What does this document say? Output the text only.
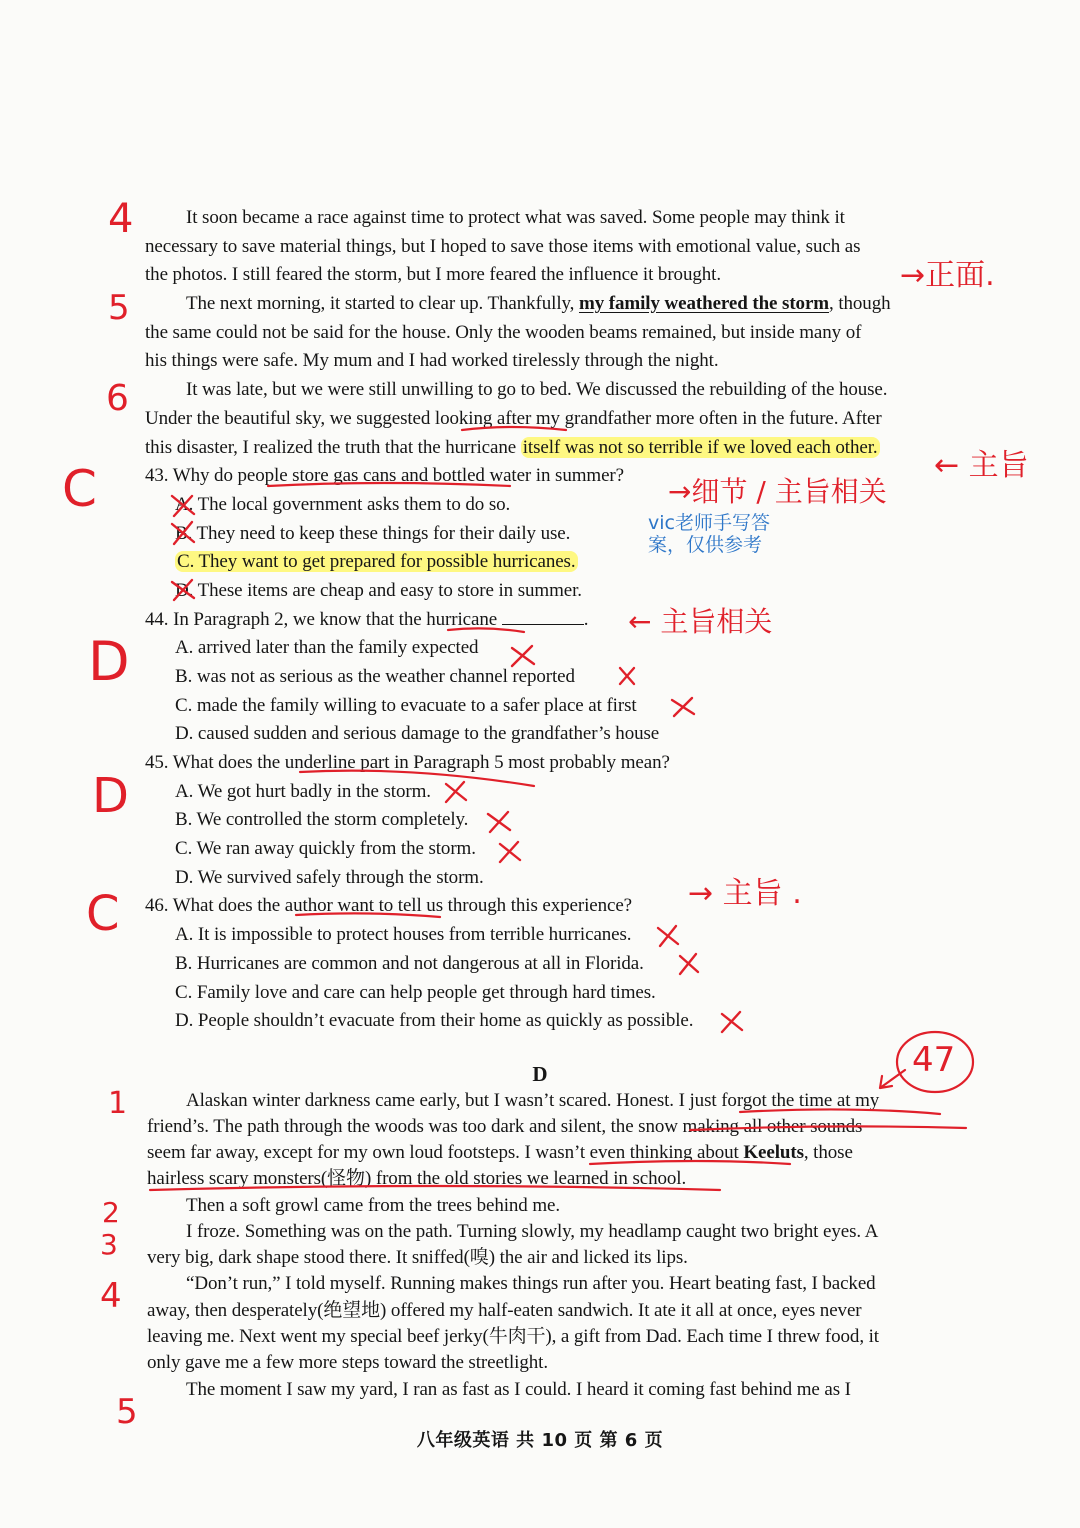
It soon became a race against time to protect what was saved. Some people may think it
necessary to save material things, but I hoped to save those items with emotional value, such as
the photos. I still feared the storm, but I more feared the influence it brought.
The next morning, it started to clear up. Thankfully, my family weathered the storm, though
the same could not be said for the house. Only the wooden beams remained, but inside many of
his things were safe. My mum and I had worked tirelessly through the night.
It was late, but we were still unwilling to go to bed. We discussed the rebuilding of the house.
Under the beautiful sky, we suggested looking after my grandfather more often in the future. After
this disaster, I realized the truth that the hurricane itself was not so terrible if we loved each other.
43. Why do people store gas cans and bottled water in summer?
A. The local government asks them to do so.
B. They need to keep these things for their daily use.
C. They want to get prepared for possible hurricanes.
D. These items are cheap and easy to store in summer.
44. In Paragraph 2, we know that the hurricane	.
A. arrived later than the family expected
B. was not as serious as the weather channel reported
C. made the family willing to evacuate to a safer place at first
D. caused sudden and serious damage to the grandfather’s house
45. What does the underline part in Paragraph 5 most probably mean?
A. We got hurt badly in the storm.
B. We controlled the storm completely.
C. We ran away quickly from the storm.
D. We survived safely through the storm.
46. What does the author want to tell us through this experience?
A. It is impossible to protect houses from terrible hurricanes.
B. Hurricanes are common and not dangerous at all in Florida.
C. Family love and care can help people get through hard times.
D. People shouldn’t evacuate from their home as quickly as possible.
D
Alaskan winter darkness came early, but I wasn’t scared. Honest. I just forgot the time at my
friend’s. The path through the woods was too dark and silent, the snow making all other sounds
seem far away, except for my own loud footsteps. I wasn’t even thinking about Keeluts, those
hairless scary monsters(怪物) from the old stories we learned in school.
Then a soft growl came from the trees behind me.
I froze. Something was on the path. Turning slowly, my headlamp caught two bright eyes. A
very big, dark shape stood there. It sniffed(嗅) the air and licked its lips.
“Don’t run,” I told myself. Running makes things run after you. Heart beating fast, I backed
away, then desperately(绝望地) offered my half-eaten sandwich. It ate it all at once, eyes never
leaving me. Next went my special beef jerky(牛肉干), a gift from Dad. Each time I threw food, it
only gave me a few more steps toward the streetlight.
The moment I saw my yard, I ran as fast as I could. I heard it coming fast behind me as I
八年级英语 共 10 页 第 6 页
4
5
6
C
D
D
C
→正面.
← 主旨
→细节 / 主旨相关
← 主旨相关
→ 主旨 .
vic老师手写答案，仅供参考
47
1
2
3
4
5
